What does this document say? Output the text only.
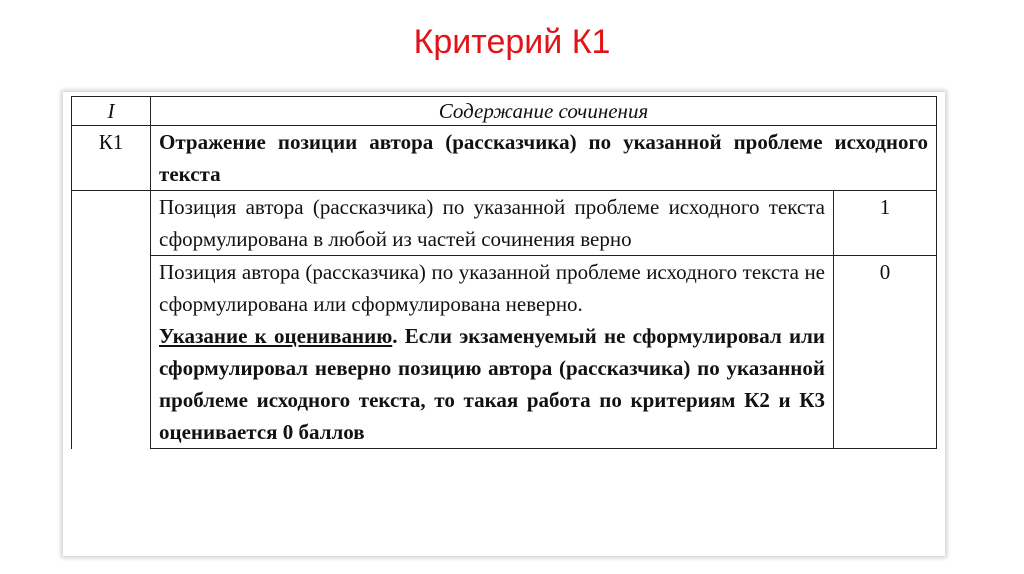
Критерий К1
I	Содержание сочинения	
К1	Отражение позиции автора (рассказчика) по указанной проблеме исходного текста	
	Позиция автора (рассказчика) по указанной проблеме исходного текста сформулирована в любой из частей сочинения верно	1

	Позиция автора (рассказчика) по указанной проблеме исходного текста не сформулирована или сформулирована неверно.
Указание к оцениванию. Если экзаменуемый не сформулировал или сформулировал неверно позицию автора (рассказчика) по указанной проблеме исходного текста, то такая работа по критериям К2 и К3 оценивается 0 баллов	0
